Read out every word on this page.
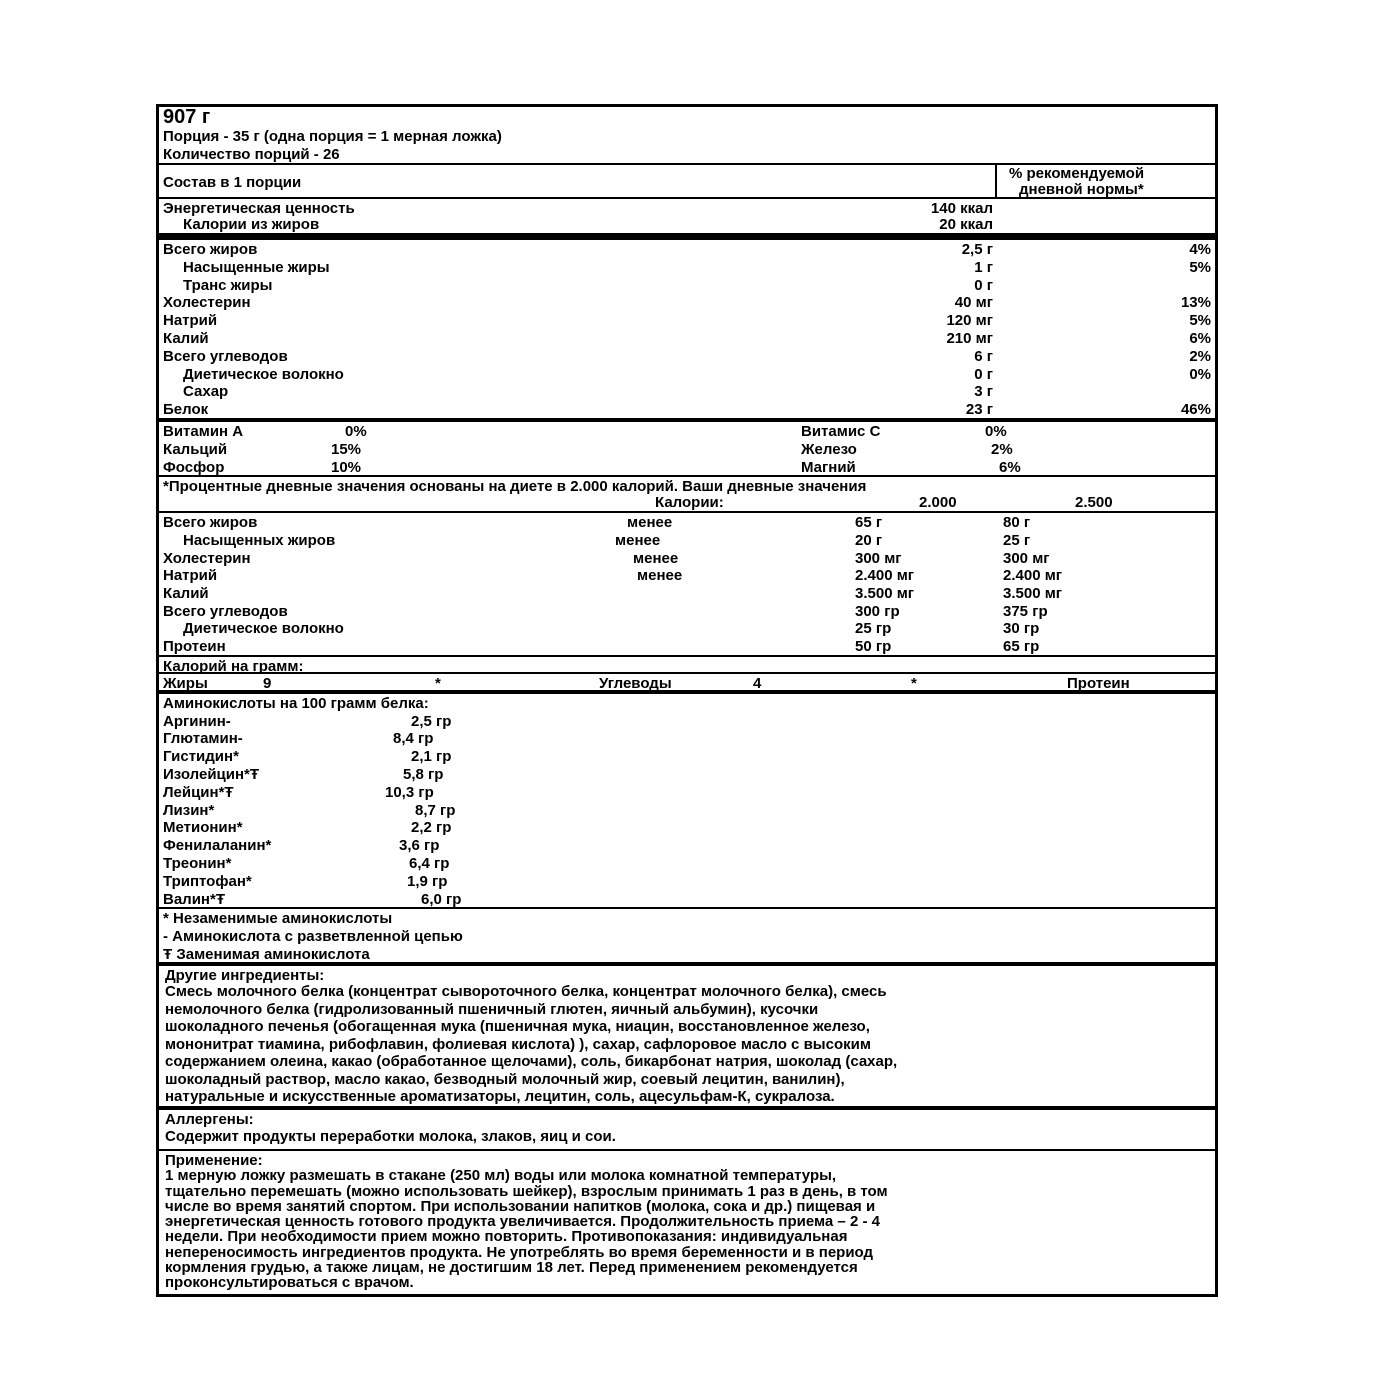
907 г
Порция - 35 г (одна порция = 1 мерная ложка)
Количество порций - 26
Состав в 1 порции
% рекомендуемой
дневной нормы*
Энергетическая ценность	140 ккал
Калории из жиров	20 ккал
Всего жиров	2,5 г	4%
Насыщенные жиры	1 г	5%
Транс жиры	0 г
Холестерин	40 мг	13%
Натрий	120 мг	5%
Калий	210 мг	6%
Всего углеводов	6 г	2%
Диетическое волокно	0 г	0%
Сахар	3 г
Белок	23 г	46%
Витамин А	0%	Витамис С	0%
Кальций	15%	Железо	2%
Фосфор	10%	Магний	6%
*Процентные дневные значения основаны на диете в 2.000 калорий. Ваши дневные значения
Калории:	2.000	2.500
Всего жиров	менее	65 г	80 г
Насыщенных жиров	менее	20 г	25 г
Холестерин	менее	300 мг	300 мг
Натрий	менее	2.400 мг	2.400 мг
Калий	3.500 мг	3.500 мг
Всего углеводов	300 гр	375 гр
Диетическое волокно	25 гр	30 гр
Протеин	50 гр	65 гр
Калорий на грамм:
Жиры	9	*	Углеводы	4	*	Протеин
Аминокислоты на 100 грамм белка:
Аргинин-	2,5 гр
Глютамин-	8,4 гр
Гистидин*	2,1 гр
Изолейцин*Ŧ	5,8 гр
Лейцин*Ŧ	10,3 гр
Лизин*	8,7 гр
Метионин*	2,2 гр
Фенилаланин*	3,6 гр
Треонин*	6,4 гр
Триптофан*	1,9 гр
Валин*Ŧ	6,0 гр
* Незаменимые аминокислоты
- Аминокислота с разветвленной цепью
Ŧ Заменимая аминокислота
Другие ингредиенты:
Смесь молочного белка (концентрат сывороточного белка, концентрат молочного белка), смесь
немолочного белка (гидролизованный пшеничный глютен, яичный альбумин), кусочки
шоколадного печенья (обогащенная мука (пшеничная мука, ниацин, восстановленное железо,
мононитрат тиамина, рибофлавин, фолиевая кислота) ), сахар, сафлоровое масло с высоким
содержанием олеина, какао (обработанное щелочами), соль, бикарбонат натрия, шоколад (сахар,
шоколадный раствор, масло какао, безводный молочный жир, соевый лецитин, ванилин),
натуральные и искусственные ароматизаторы, лецитин, соль, ацесульфам-К, сукралоза.
Аллергены:
Содержит продукты переработки молока, злаков, яиц и сои.
Применение:
1 мерную ложку размешать в стакане (250 мл) воды или молока комнатной температуры,
тщательно перемешать (можно использовать шейкер), взрослым принимать 1 раз в день, в том
числе во время занятий спортом. При использовании напитков (молока, сока и др.) пищевая и
энергетическая ценность готового продукта увеличивается. Продолжительность приема – 2 - 4
недели. При необходимости прием можно повторить. Противопоказания: индивидуальная
непереносимость ингредиентов продукта. Не употреблять во время беременности и в период
кормления грудью, а также лицам, не достигшим 18 лет. Перед применением рекомендуется
проконсультироваться с врачом.
